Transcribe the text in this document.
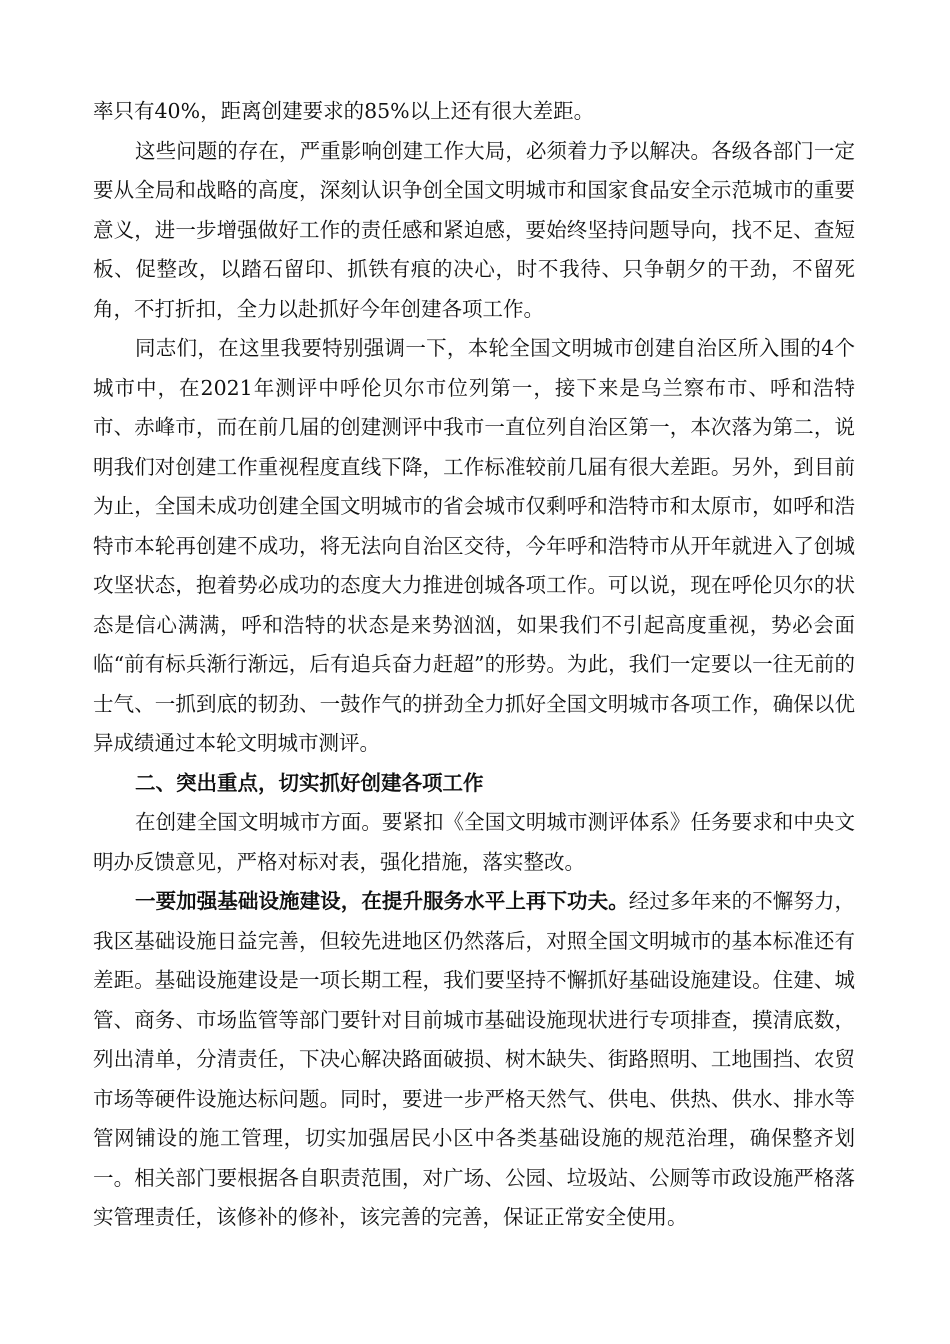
率只有40%，距离创建要求的85%以上还有很大差距。

这些问题的存在，严重影响创建工作大局，必须着力予以解决。各级各部门一定要从全局和战略的高度，深刻认识争创全国文明城市和国家食品安全示范城市的重要意义，进一步增强做好工作的责任感和紧迫感，要始终坚持问题导向，找不足、查短板、促整改，以踏石留印、抓铁有痕的决心，时不我待、只争朝夕的干劲，不留死角，不打折扣，全力以赴抓好今年创建各项工作。

同志们，在这里我要特别强调一下，本轮全国文明城市创建自治区所入围的4个城市中，在2021年测评中呼伦贝尔市位列第一，接下来是乌兰察布市、呼和浩特市、赤峰市，而在前几届的创建测评中我市一直位列自治区第一，本次落为第二，说明我们对创建工作重视程度直线下降，工作标准较前几届有很大差距。另外，到目前为止，全国未成功创建全国文明城市的省会城市仅剩呼和浩特市和太原市，如呼和浩特市本轮再创建不成功，将无法向自治区交待，今年呼和浩特市从开年就进入了创城攻坚状态，抱着势必成功的态度大力推进创城各项工作。可以说，现在呼伦贝尔的状态是信心满满，呼和浩特的状态是来势汹汹，如果我们不引起高度重视，势必会面临“前有标兵渐行渐远，后有追兵奋力赶超”的形势。为此，我们一定要以一往无前的士气、一抓到底的韧劲、一鼓作气的拼劲全力抓好全国文明城市各项工作，确保以优异成绩通过本轮文明城市测评。

二、突出重点，切实抓好创建各项工作

在创建全国文明城市方面。要紧扣《全国文明城市测评体系》任务要求和中央文明办反馈意见，严格对标对表，强化措施，落实整改。

一要加强基础设施建设，在提升服务水平上再下功夫。经过多年来的不懈努力，我区基础设施日益完善，但较先进地区仍然落后，对照全国文明城市的基本标准还有差距。基础设施建设是一项长期工程，我们要坚持不懈抓好基础设施建设。住建、城管、商务、市场监管等部门要针对目前城市基础设施现状进行专项排查，摸清底数，列出清单，分清责任，下决心解决路面破损、树木缺失、街路照明、工地围挡、农贸市场等硬件设施达标问题。同时，要进一步严格天然气、供电、供热、供水、排水等管网铺设的施工管理，切实加强居民小区中各类基础设施的规范治理，确保整齐划一。相关部门要根据各自职责范围，对广场、公园、垃圾站、公厕等市政设施严格落实管理责任，该修补的修补，该完善的完善，保证正常安全使用。
